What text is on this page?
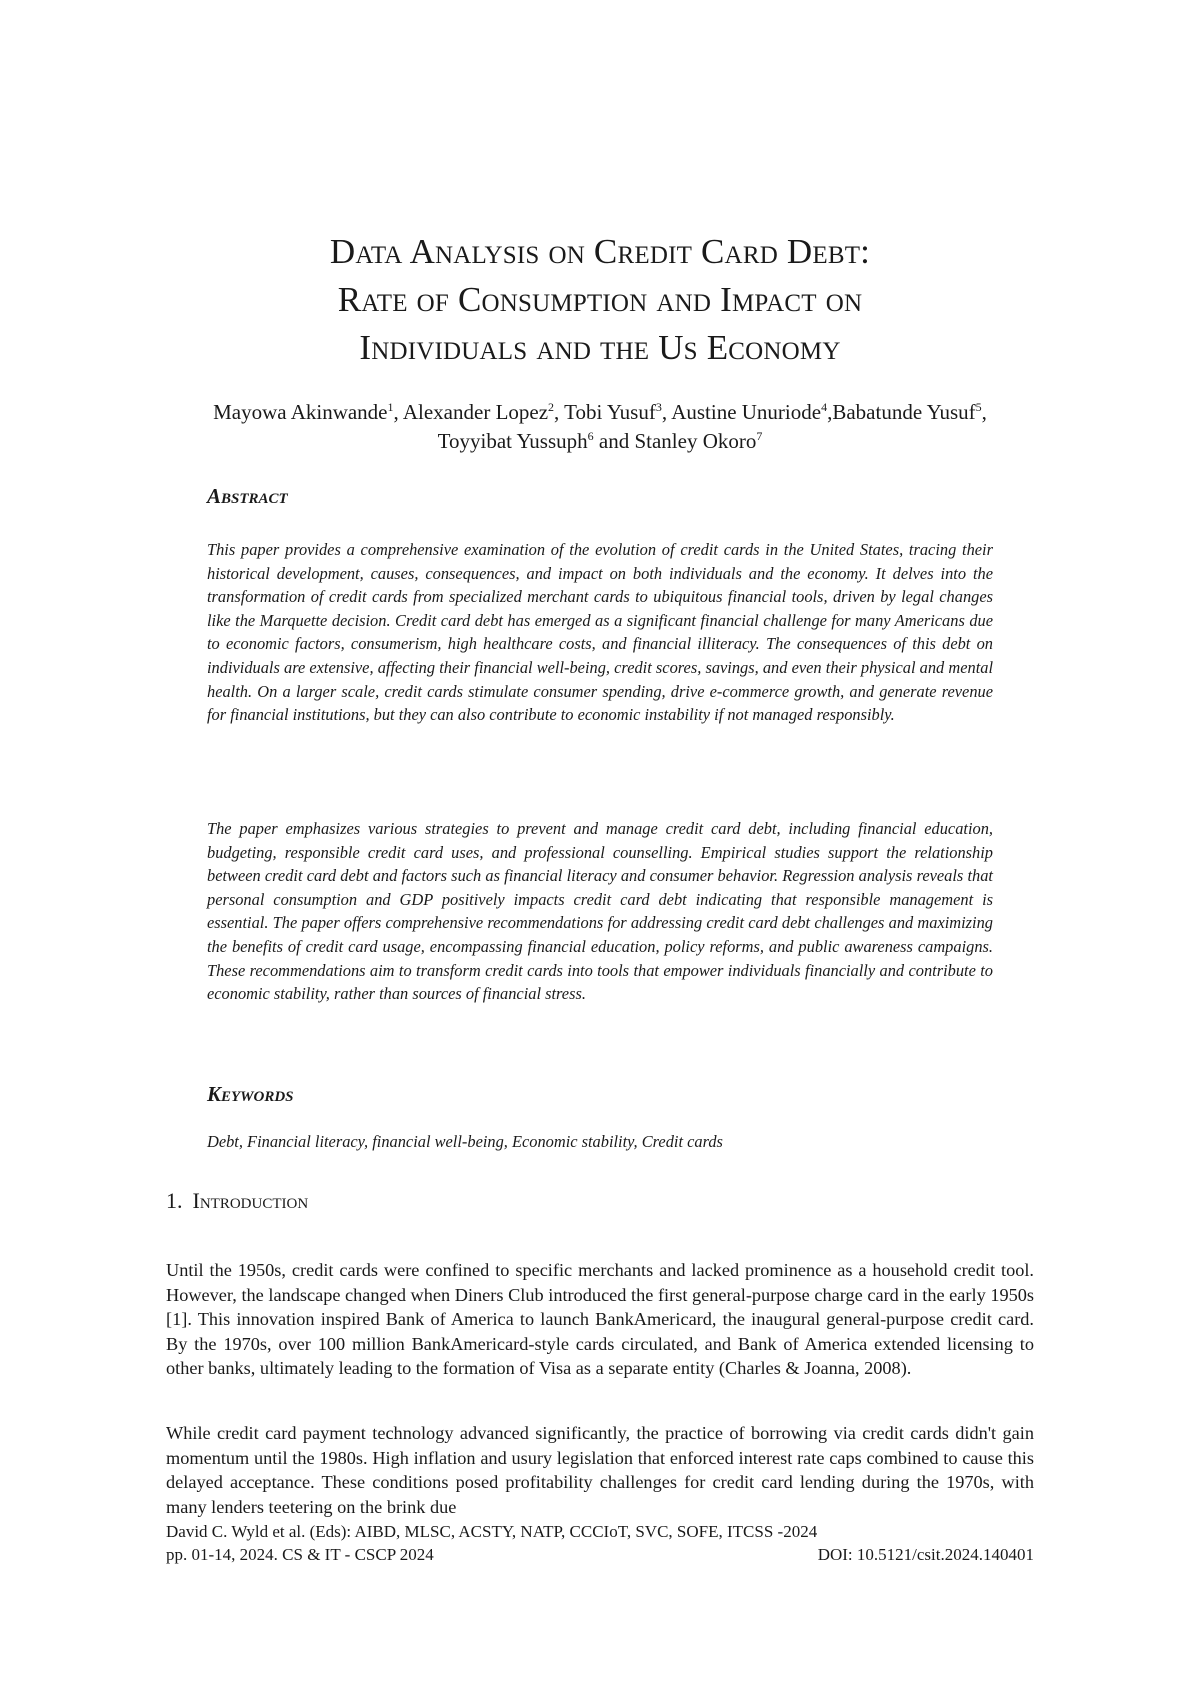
Data Analysis on Credit Card Debt:
Rate of Consumption and Impact on
Individuals and the Us Economy
Mayowa Akinwande$^1$, Alexander Lopez$^2$, Tobi Yusuf$^3$, Austine Unuriode$^4$,Babatunde Yusuf$^5$, Toyyibat Yussuph$^6$ and Stanley Okoro$^7$
Abstract

This paper provides a comprehensive examination of the evolution of credit cards in the United States, tracing their historical development, causes, consequences, and impact on both individuals and the economy. It delves into the transformation of credit cards from specialized merchant cards to ubiquitous financial tools, driven by legal changes like the Marquette decision. Credit card debt has emerged as a significant financial challenge for many Americans due to economic factors, consumerism, high healthcare costs, and financial illiteracy. The consequences of this debt on individuals are extensive, affecting their financial well-being, credit scores, savings, and even their physical and mental health. On a larger scale, credit cards stimulate consumer spending, drive e-commerce growth, and generate revenue for financial institutions, but they can also contribute to economic instability if not managed responsibly.

The paper emphasizes various strategies to prevent and manage credit card debt, including financial education, budgeting, responsible credit card uses, and professional counselling. Empirical studies support the relationship between credit card debt and factors such as financial literacy and consumer behavior. Regression analysis reveals that personal consumption and GDP positively impacts credit card debt indicating that responsible management is essential. The paper offers comprehensive recommendations for addressing credit card debt challenges and maximizing the benefits of credit card usage, encompassing financial education, policy reforms, and public awareness campaigns. These recommendations aim to transform credit cards into tools that empower individuals financially and contribute to economic stability, rather than sources of financial stress.

Keywords
Debt, Financial literacy, financial well-being, Economic stability, Credit cards
1. Introduction

Until the 1950s, credit cards were confined to specific merchants and lacked prominence as a household credit tool. However, the landscape changed when Diners Club introduced the first general-purpose charge card in the early 1950s [1]. This innovation inspired Bank of America to launch BankAmericard, the inaugural general-purpose credit card. By the 1970s, over 100 million BankAmericard-style cards circulated, and Bank of America extended licensing to other banks, ultimately leading to the formation of Visa as a separate entity (Charles & Joanna, 2008).

While credit card payment technology advanced significantly, the practice of borrowing via credit cards didn't gain momentum until the 1980s. High inflation and usury legislation that enforced interest rate caps combined to cause this delayed acceptance. These conditions posed profitability challenges for credit card lending during the 1970s, with many lenders teetering on the brink due

David C. Wyld et al. (Eds): AIBD, MLSC, ACSTY, NATP, CCCIoT, SVC, SOFE, ITCSS -2024
pp. 01-14, 2024. CS & IT - CSCP 2024	DOI: 10.5121/csit.2024.140401
